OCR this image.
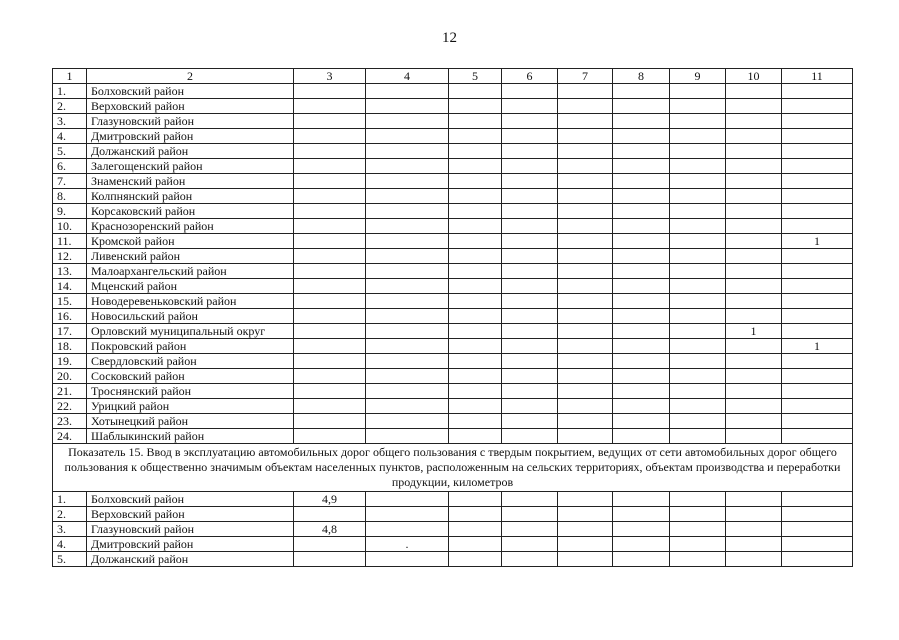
12
1	2	3	4	5	6	7	8	9	10	11
1.	Болховский район									
2.	Верховский район									
3.	Глазуновский район									
4.	Дмитровский район									
5.	Должанский район									
6.	Залегощенский район									
7.	Знаменский район									
8.	Колпнянский район									
9.	Корсаковский район									
10.	Краснозоренский район									
11.	Кромской район									1
12.	Ливенский район									
13.	Малоархангельский район									
14.	Мценский район									
15.	Новодеревеньковский район									
16.	Новосильский район									
17.	Орловский муниципальный округ								1	
18.	Покровский район									1
19.	Свердловский район									
20.	Сосковский район									
21.	Троснянский район									
22.	Урицкий район									
23.	Хотынецкий район									
24.	Шаблыкинский район									
Показатель 15. Ввод в эксплуатацию автомобильных дорог общего пользования с твердым покрытием, ведущих от сети автомобильных дорог общего пользования к общественно значимым объектам населенных пунктов, расположенным на сельских территориях, объектам производства и переработки продукции, километров										
1.	Болховский район	4,9								
2.	Верховский район									
3.	Глазуновский район	4,8								
4.	Дмитровский район		.							
5.	Должанский район									
